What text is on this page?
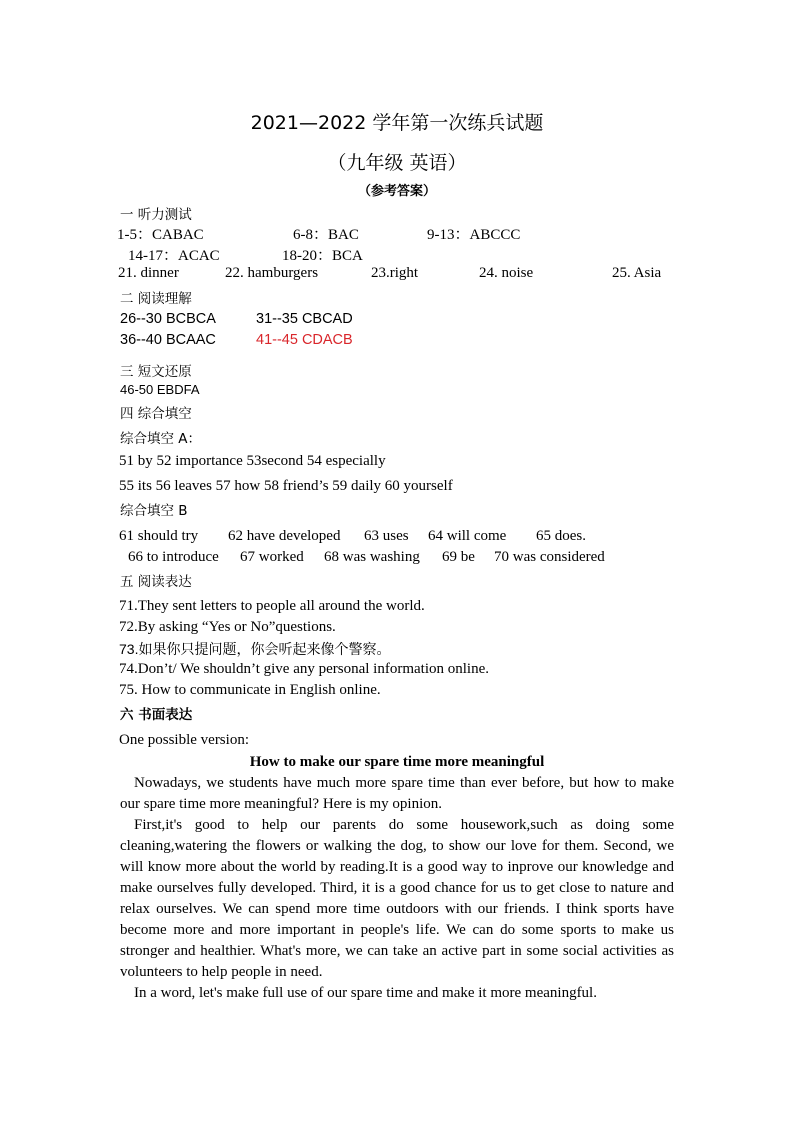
2021—2022 学年第一次练兵试题
（九年级 英语）
（参考答案）
一 听力测试
1-5：CABAC	6-8：BAC	9-13：ABCCC
14-17：ACAC	18-20：BCA
21. dinner	22. hamburgers	23.right	24. noise	25. Asia
二 阅读理解
26--30 BCBCA	31--35 CBCAD
36--40 BCAAC	41--45 CDACB
三 短文还原
46-50 EBDFA
四 综合填空
综合填空 A：
51 by 52 importance 53second 54 especially
55 its 56 leaves 57 how 58 friend’s 59 daily 60 yourself
综合填空 B
61 should try 62 have developed 63 uses 64 will come 65 does.
66 to introduce 67 worked 68 was washing 69 be 70 was considered
五 阅读表达
71.They sent letters to people all around the world.
72.By asking “Yes or No”questions.
73.如果你只提问题，你会听起来像个警察。
74.Don’t/ We shouldn’t give any personal information online.
75. How to communicate in English online.
六 书面表达
One possible version:
How to make our spare time more meaningful

Nowadays, we students have much more spare time than ever before, but how to make our spare time more meaningful? Here is my opinion.

First,it's good to help our parents do some housework,such as doing some cleaning,watering the flowers or walking the dog, to show our love for them. Second, we will know more about the world by reading.It is a good way to inprove our knowledge and make ourselves fully developed. Third, it is a good chance for us to get close to nature and relax ourselves. We can spend more time outdoors with our friends. I think sports have become more and more important in people's life. We can do some sports to make us stronger and healthier. What's more, we can take an active part in some social activities as volunteers to help people in need.

In a word, let's make full use of our spare time and make it more meaningful.
